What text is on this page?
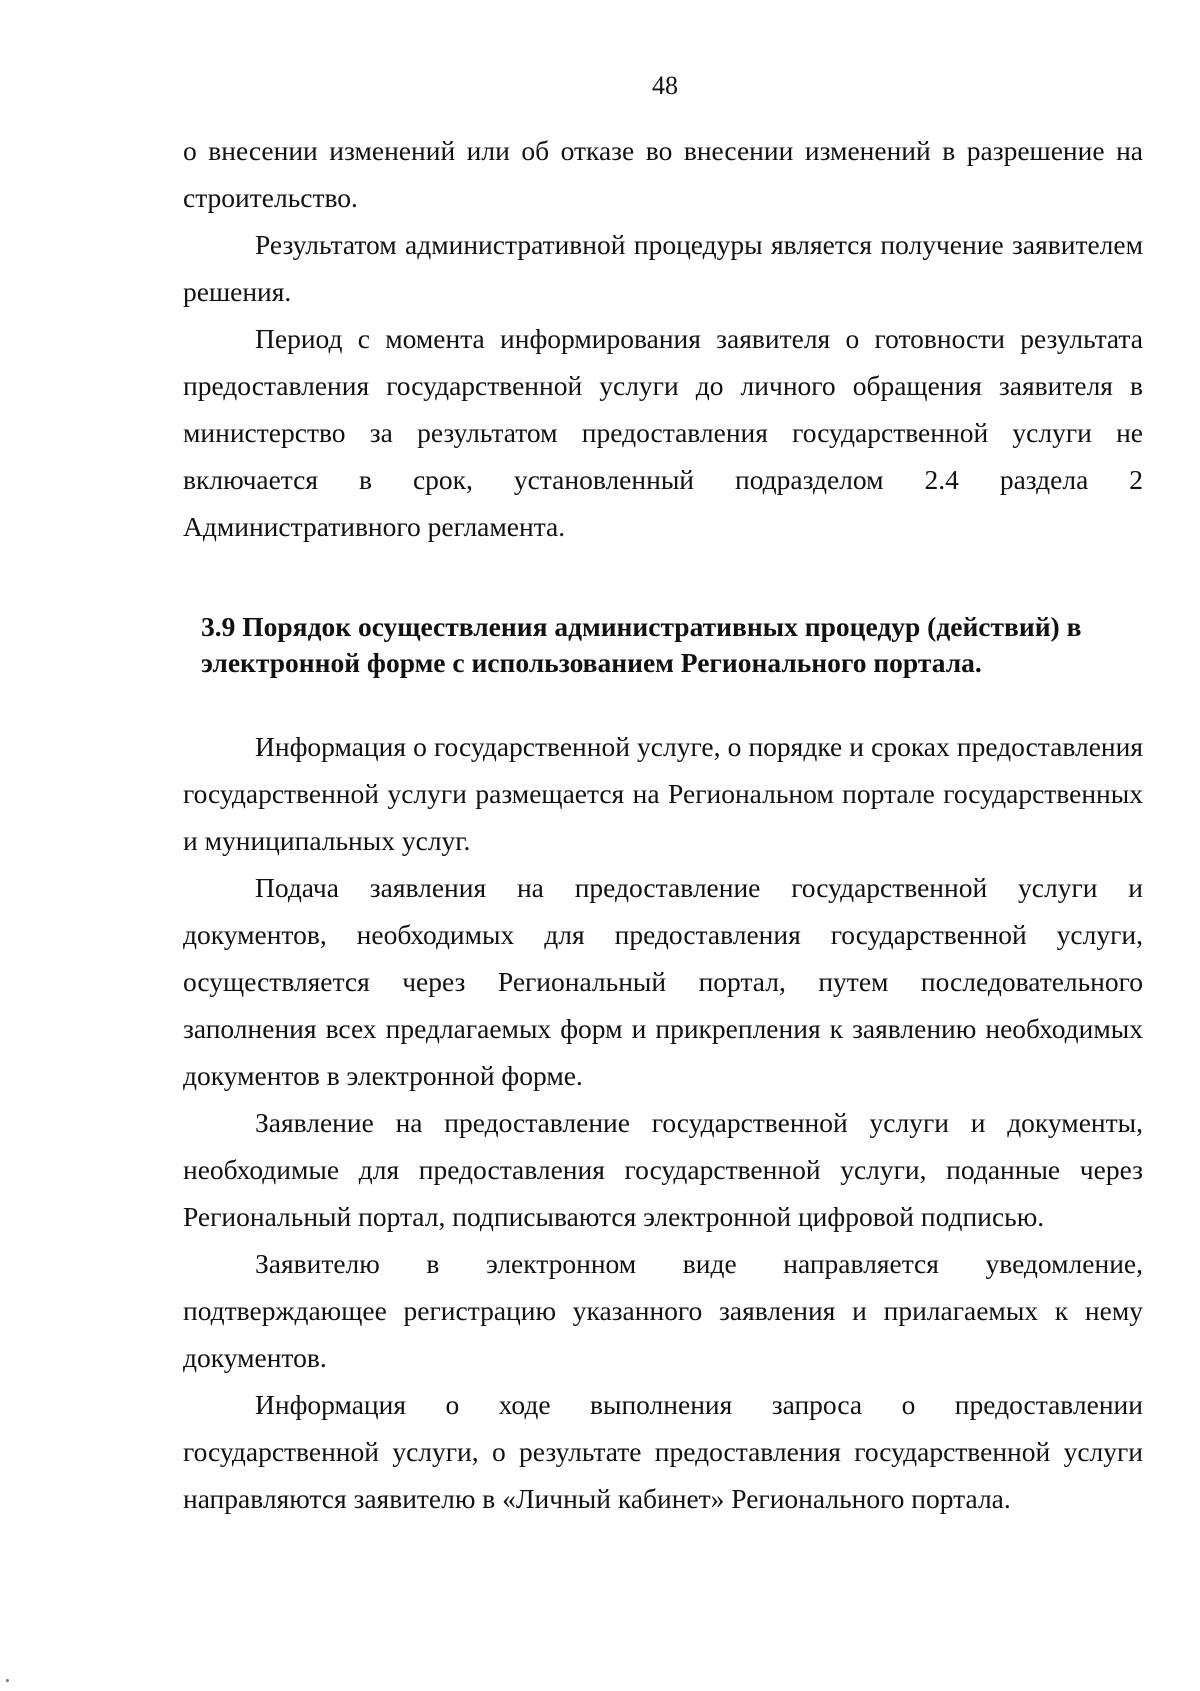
48

о внесении изменений или об отказе во внесении изменений в разрешение на строительство.

Результатом административной процедуры является получение заявителем решения.

Период с момента информирования заявителя о готовности результата предоставления государственной услуги до личного обращения заявителя в министерство за результатом предоставления государственной услуги не включается в срок, установленный подразделом 2.4 раздела 2 Административного регламента.

3.9 Порядок осуществления административных процедур (действий) в

электронной форме с использованием Регионального портала.

Информация о государственной услуге, о порядке и сроках предоставления государственной услуги размещается на Региональном портале государственных и муниципальных услуг.

Подача заявления на предоставление государственной услуги и документов, необходимых для предоставления государственной услуги, осуществляется через Региональный портал, путем последовательного заполнения всех предлагаемых форм и прикрепления к заявлению необходимых документов в электронной форме.

Заявление на предоставление государственной услуги и документы, необходимые для предоставления государственной услуги, поданные через Региональный портал, подписываются электронной цифровой подписью.

Заявителю в электронном виде направляется уведомление, подтверждающее регистрацию указанного заявления и прилагаемых к нему документов.

Информация о ходе выполнения запроса о предоставлении государственной услуги, о результате предоставления государственной услуги направляются заявителю в «Личный кабинет» Регионального портала.
